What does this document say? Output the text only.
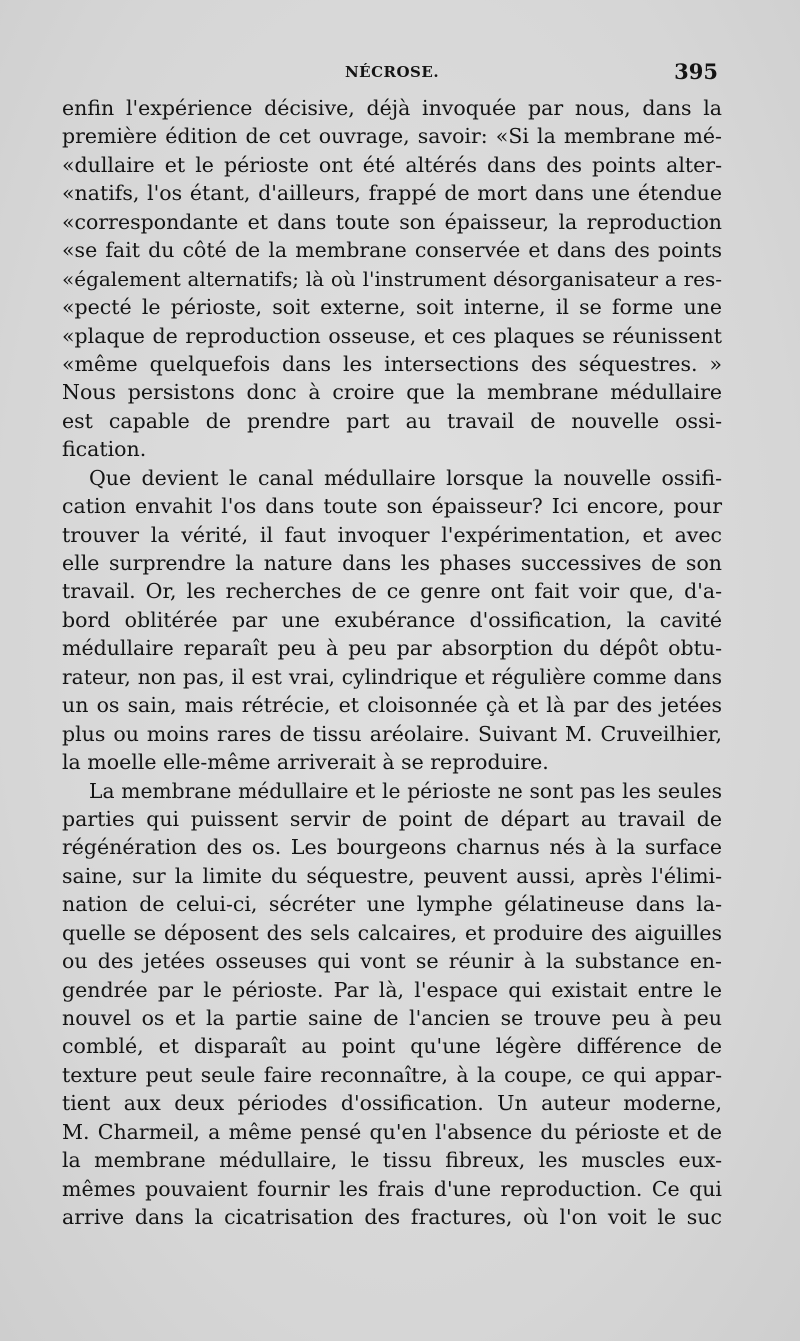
NÉCROSE.	395
enfin l'expérience décisive, déjà invoquée par nous, dans la
première édition de cet ouvrage, savoir: «Si la membrane mé-
«dullaire et le périoste ont été altérés dans des points alter-
«natifs, l'os étant, d'ailleurs, frappé de mort dans une étendue
«correspondante et dans toute son épaisseur, la reproduction
«se fait du côté de la membrane conservée et dans des points
«également alternatifs; là où l'instrument désorganisateur a res-
«pecté le périoste, soit externe, soit interne, il se forme une
«plaque de reproduction osseuse, et ces plaques se réunissent
«même quelquefois dans les intersections des séquestres. »
Nous persistons donc à croire que la membrane médullaire
est capable de prendre part au travail de nouvelle ossi-
fication.
Que devient le canal médullaire lorsque la nouvelle ossifi-
cation envahit l'os dans toute son épaisseur? Ici encore, pour
trouver la vérité, il faut invoquer l'expérimentation, et avec
elle surprendre la nature dans les phases successives de son
travail. Or, les recherches de ce genre ont fait voir que, d'a-
bord oblitérée par une exubérance d'ossification, la cavité
médullaire reparaît peu à peu par absorption du dépôt obtu-
rateur, non pas, il est vrai, cylindrique et régulière comme dans
un os sain, mais rétrécie, et cloisonnée çà et là par des jetées
plus ou moins rares de tissu aréolaire. Suivant M. Cruveilhier,
la moelle elle-même arriverait à se reproduire.
La membrane médullaire et le périoste ne sont pas les seules
parties qui puissent servir de point de départ au travail de
régénération des os. Les bourgeons charnus nés à la surface
saine, sur la limite du séquestre, peuvent aussi, après l'élimi-
nation de celui-ci, sécréter une lymphe gélatineuse dans la-
quelle se déposent des sels calcaires, et produire des aiguilles
ou des jetées osseuses qui vont se réunir à la substance en-
gendrée par le périoste. Par là, l'espace qui existait entre le
nouvel os et la partie saine de l'ancien se trouve peu à peu
comblé, et disparaît au point qu'une légère différence de
texture peut seule faire reconnaître, à la coupe, ce qui appar-
tient aux deux périodes d'ossification. Un auteur moderne,
M. Charmeil, a même pensé qu'en l'absence du périoste et de
la membrane médullaire, le tissu fibreux, les muscles eux-
mêmes pouvaient fournir les frais d'une reproduction. Ce qui
arrive dans la cicatrisation des fractures, où l'on voit le suc
